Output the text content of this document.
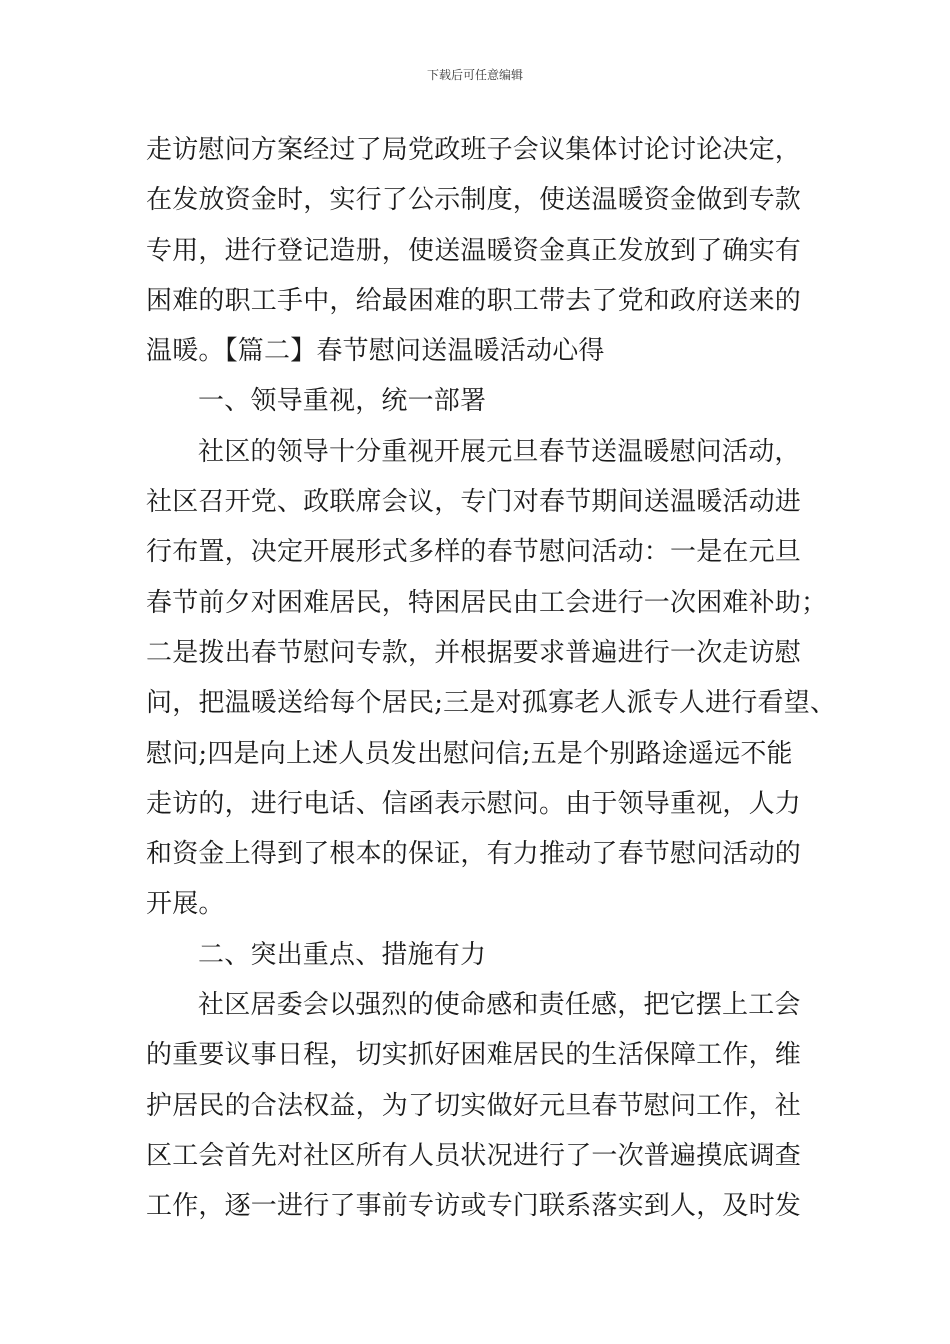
下载后可任意编辑
走访慰问方案经过了局党政班子会议集体讨论讨论决定，
在发放资金时，实行了公示制度，使送温暖资金做到专款
专用，进行登记造册，使送温暖资金真正发放到了确实有
困难的职工手中，给最困难的职工带去了党和政府送来的
温暖。【篇二】春节慰问送温暖活动心得
一、领导重视，统一部署
社区的领导十分重视开展元旦春节送温暖慰问活动，
社区召开党、政联席会议，专门对春节期间送温暖活动进
行布置，决定开展形式多样的春节慰问活动：一是在元旦
春节前夕对困难居民，特困居民由工会进行一次困难补助；
二是拨出春节慰问专款，并根据要求普遍进行一次走访慰
问，把温暖送给每个居民;三是对孤寡老人派专人进行看望、
慰问;四是向上述人员发出慰问信;五是个别路途遥远不能
走访的，进行电话、信函表示慰问。由于领导重视，人力
和资金上得到了根本的保证，有力推动了春节慰问活动的
开展。
二、突出重点、措施有力
社区居委会以强烈的使命感和责任感，把它摆上工会
的重要议事日程，切实抓好困难居民的生活保障工作，维
护居民的合法权益，为了切实做好元旦春节慰问工作，社
区工会首先对社区所有人员状况进行了一次普遍摸底调查
工作，逐一进行了事前专访或专门联系落实到人，及时发
